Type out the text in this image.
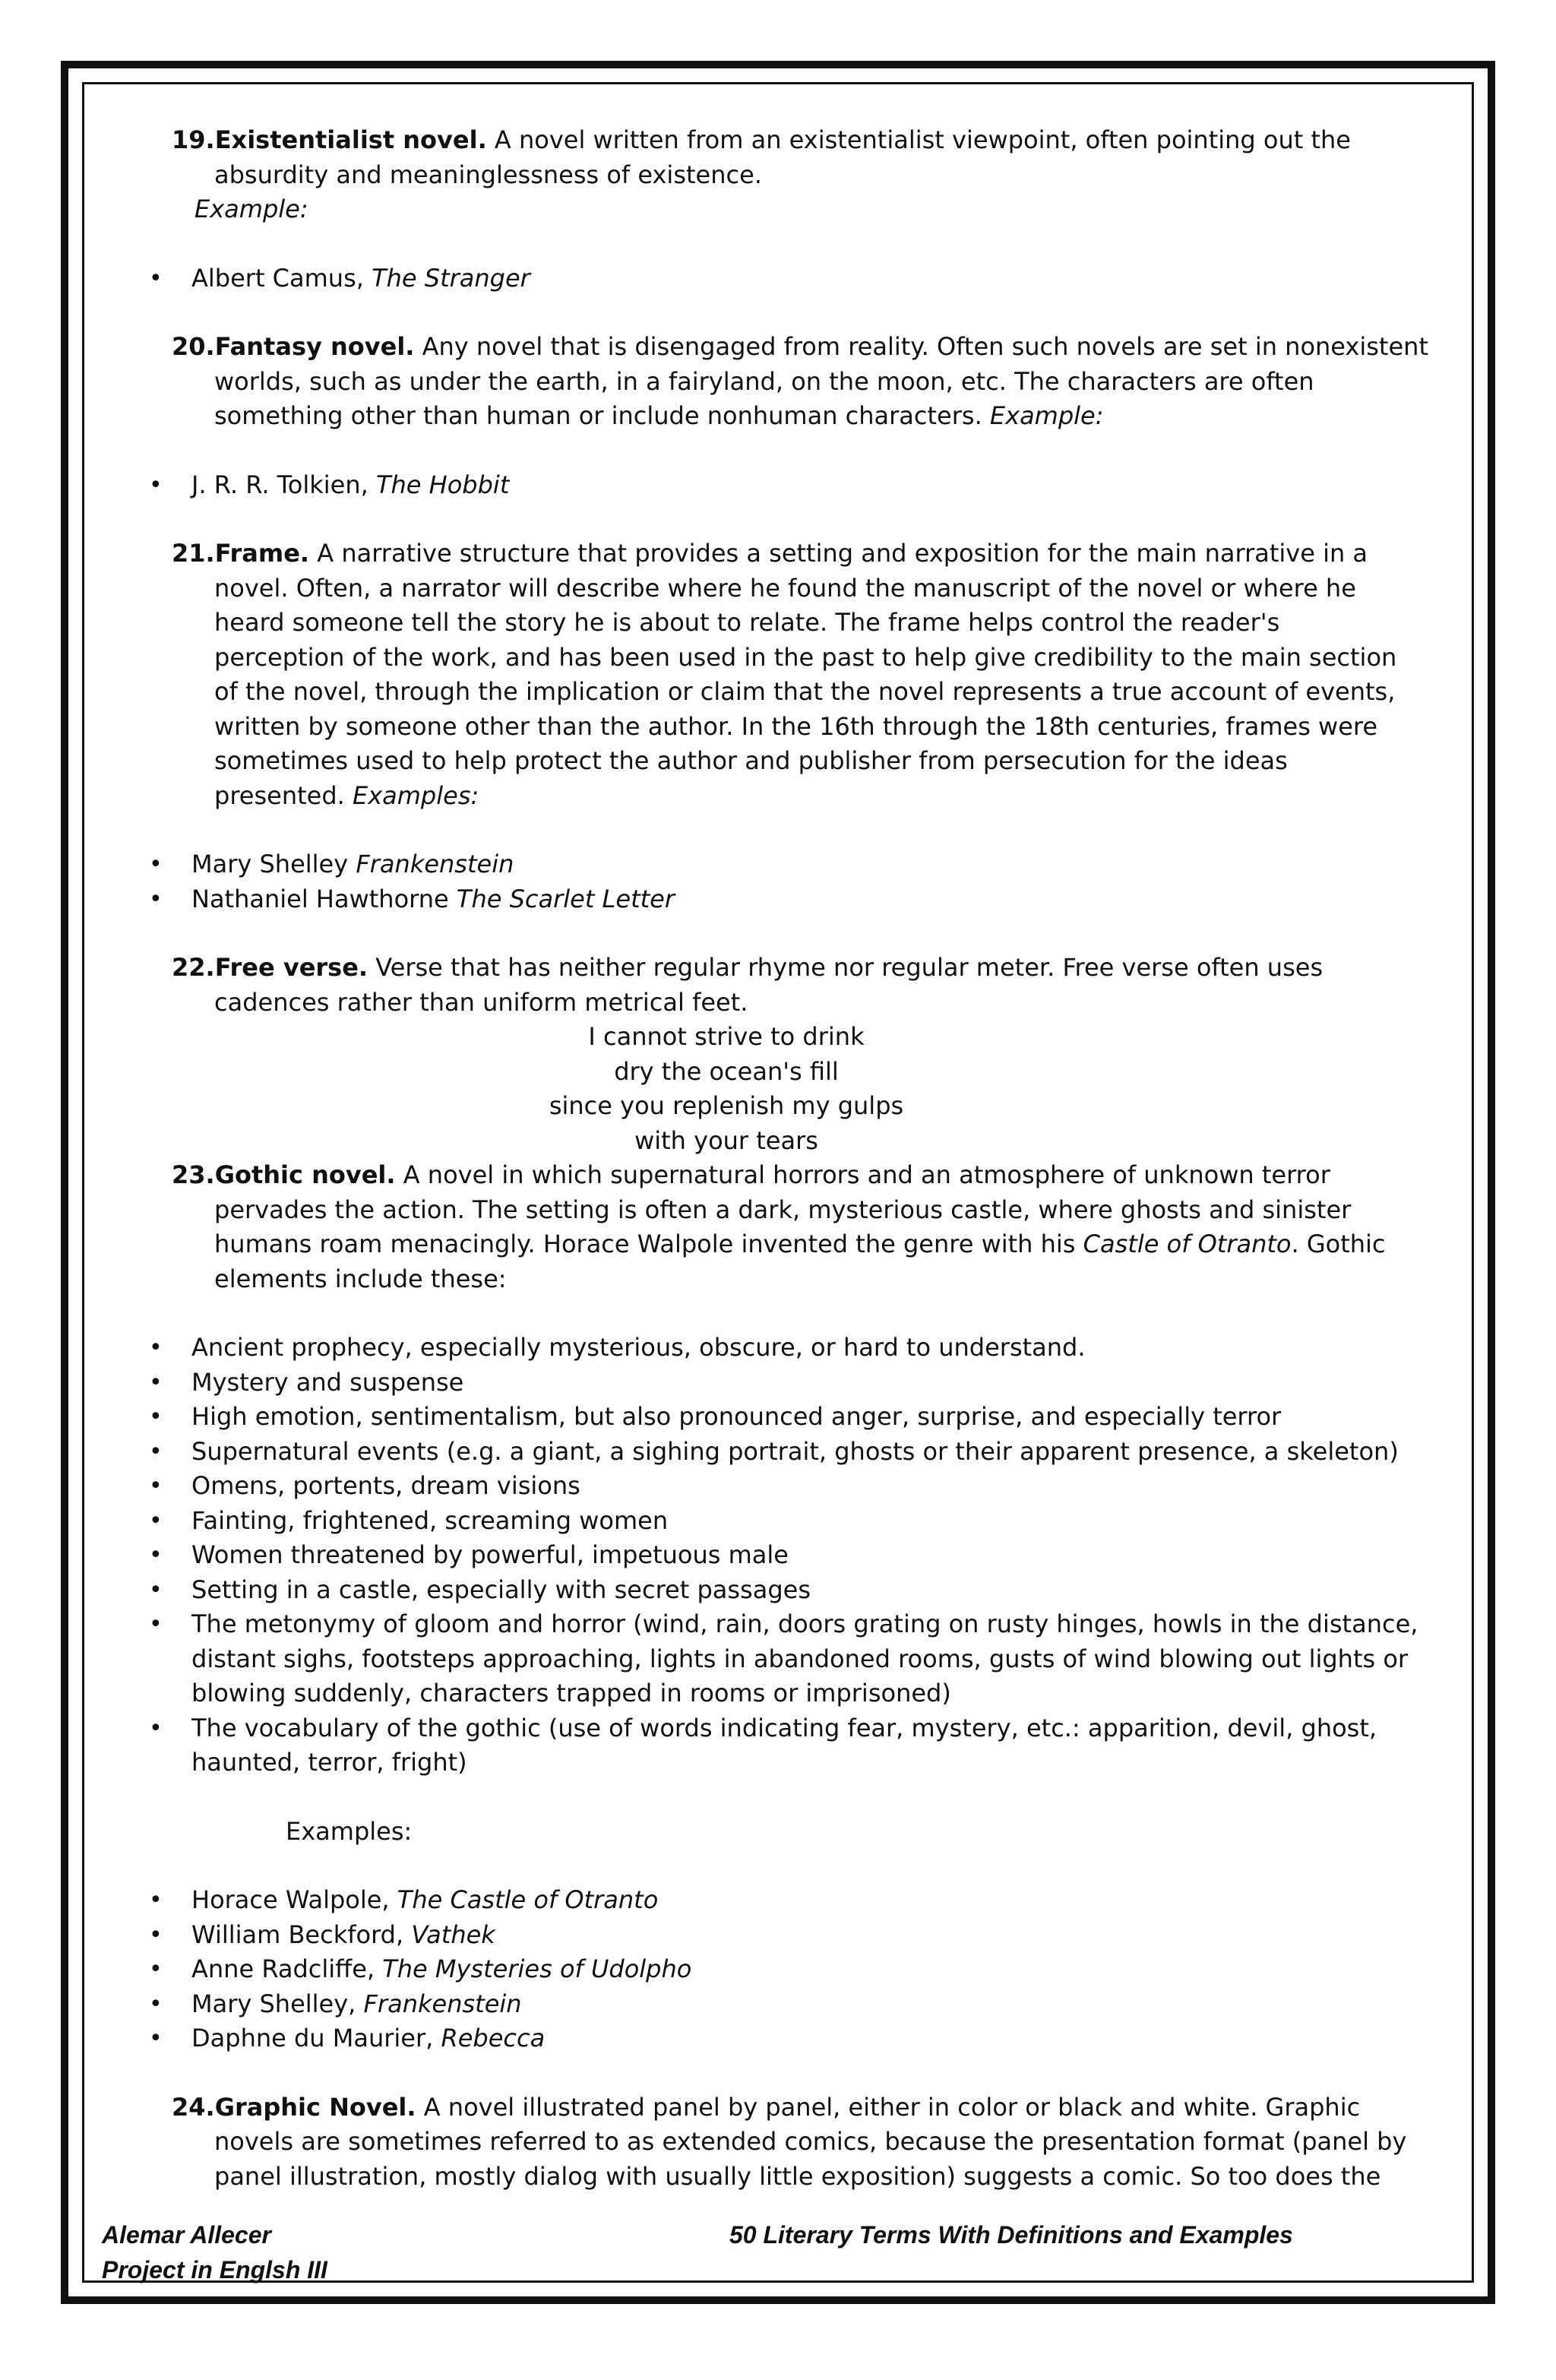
19.Existentialist novel. A novel written from an existentialist viewpoint, often pointing out the

absurdity and meaninglessness of existence.

Example:

• Albert Camus, The Stranger

20.Fantasy novel. Any novel that is disengaged from reality. Often such novels are set in nonexistent

worlds, such as under the earth, in a fairyland, on the moon, etc. The characters are often

something other than human or include nonhuman characters. Example:

• J. R. R. Tolkien, The Hobbit

21.Frame. A narrative structure that provides a setting and exposition for the main narrative in a

novel. Often, a narrator will describe where he found the manuscript of the novel or where he

heard someone tell the story he is about to relate. The frame helps control the reader's

perception of the work, and has been used in the past to help give credibility to the main section

of the novel, through the implication or claim that the novel represents a true account of events,

written by someone other than the author. In the 16th through the 18th centuries, frames were

sometimes used to help protect the author and publisher from persecution for the ideas

presented. Examples:

• Mary Shelley Frankenstein
• Nathaniel Hawthorne The Scarlet Letter

22.Free verse. Verse that has neither regular rhyme nor regular meter. Free verse often uses

cadences rather than uniform metrical feet.

I cannot strive to drink
dry the ocean's fill
since you replenish my gulps
with your tears

23.Gothic novel. A novel in which supernatural horrors and an atmosphere of unknown terror

pervades the action. The setting is often a dark, mysterious castle, where ghosts and sinister

humans roam menacingly. Horace Walpole invented the genre with his Castle of Otranto. Gothic

elements include these:

• Ancient prophecy, especially mysterious, obscure, or hard to understand.
• Mystery and suspense
• High emotion, sentimentalism, but also pronounced anger, surprise, and especially terror
• Supernatural events (e.g. a giant, a sighing portrait, ghosts or their apparent presence, a skeleton)
• Omens, portents, dream visions
• Fainting, frightened, screaming women
• Women threatened by powerful, impetuous male
• Setting in a castle, especially with secret passages
• The metonymy of gloom and horror (wind, rain, doors grating on rusty hinges, howls in the distance, distant sighs, footsteps approaching, lights in abandoned rooms, gusts of wind blowing out lights or blowing suddenly, characters trapped in rooms or imprisoned)
• The vocabulary of the gothic (use of words indicating fear, mystery, etc.: apparition, devil, ghost, haunted, terror, fright)

Examples:

• Horace Walpole, The Castle of Otranto
• William Beckford, Vathek
• Anne Radcliffe, The Mysteries of Udolpho
• Mary Shelley, Frankenstein
• Daphne du Maurier, Rebecca

24.Graphic Novel. A novel illustrated panel by panel, either in color or black and white. Graphic

novels are sometimes referred to as extended comics, because the presentation format (panel by

panel illustration, mostly dialog with usually little exposition) suggests a comic. So too does the

Alemar Allecer
Project in Englsh III
50 Literary Terms With Definitions and Examples
